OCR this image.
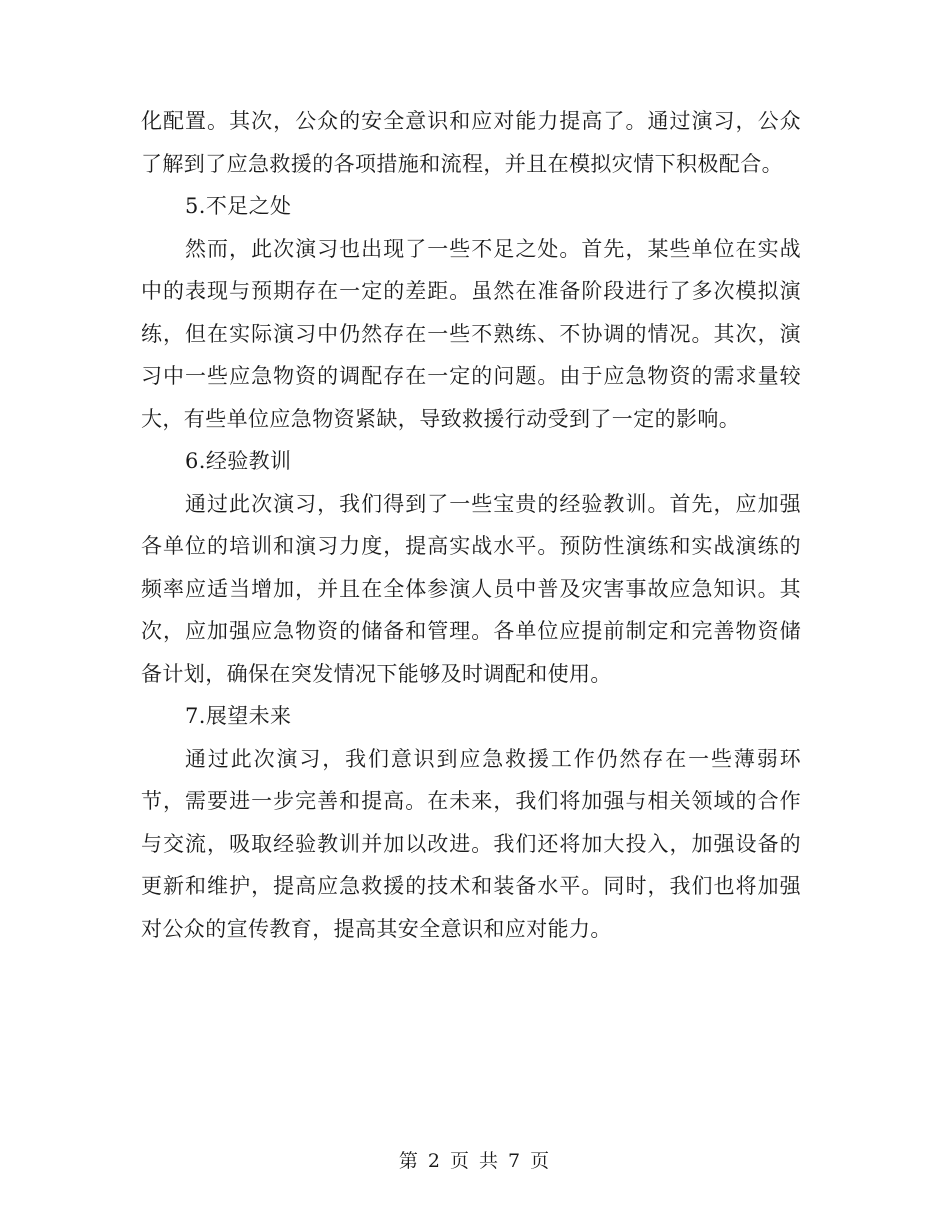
化配置。其次，公众的安全意识和应对能力提高了。通过演习，公众了解到了应急救援的各项措施和流程，并且在模拟灾情下积极配合。

5.不足之处

然而，此次演习也出现了一些不足之处。首先，某些单位在实战中的表现与预期存在一定的差距。虽然在准备阶段进行了多次模拟演练，但在实际演习中仍然存在一些不熟练、不协调的情况。其次，演习中一些应急物资的调配存在一定的问题。由于应急物资的需求量较大，有些单位应急物资紧缺，导致救援行动受到了一定的影响。

6.经验教训

通过此次演习，我们得到了一些宝贵的经验教训。首先，应加强各单位的培训和演习力度，提高实战水平。预防性演练和实战演练的频率应适当增加，并且在全体参演人员中普及灾害事故应急知识。其次，应加强应急物资的储备和管理。各单位应提前制定和完善物资储备计划，确保在突发情况下能够及时调配和使用。

7.展望未来

通过此次演习，我们意识到应急救援工作仍然存在一些薄弱环节，需要进一步完善和提高。在未来，我们将加强与相关领域的合作与交流，吸取经验教训并加以改进。我们还将加大投入，加强设备的更新和维护，提高应急救援的技术和装备水平。同时，我们也将加强对公众的宣传教育，提高其安全意识和应对能力。

第 2 页 共 7 页
